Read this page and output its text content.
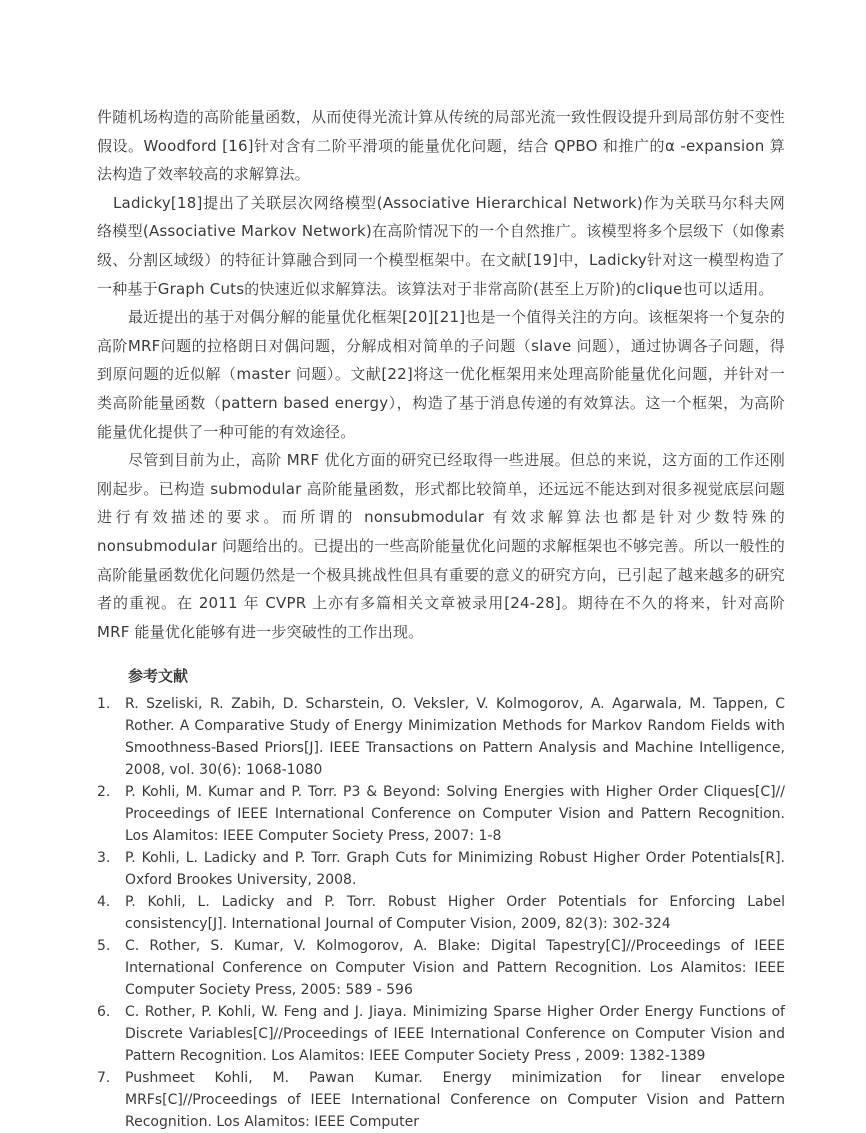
件随机场构造的高阶能量函数，从而使得光流计算从传统的局部光流一致性假设提升到局部仿射不变性假设。Woodford [16]针对含有二阶平滑项的能量优化问题，结合 QPBO 和推广的α -expansion 算法构造了效率较高的求解算法。

Ladicky[18]提出了关联层次网络模型(Associative Hierarchical Network)作为关联马尔科夫网络模型(Associative Markov Network)在高阶情况下的一个自然推广。该模型将多个层级下（如像素级、分割区域级）的特征计算融合到同一个模型框架中。在文献[19]中，Ladicky针对这一模型构造了一种基于Graph Cuts的快速近似求解算法。该算法对于非常高阶(甚至上万阶)的clique也可以适用。

最近提出的基于对偶分解的能量优化框架[20][21]也是一个值得关注的方向。该框架将一个复杂的高阶MRF问题的拉格朗日对偶问题，分解成相对简单的子问题（slave 问题），通过协调各子问题，得到原问题的近似解（master 问题）。文献[22]将这一优化框架用来处理高阶能量优化问题，并针对一类高阶能量函数（pattern based energy），构造了基于消息传递的有效算法。这一个框架，为高阶能量优化提供了一种可能的有效途径。

尽管到目前为止，高阶 MRF 优化方面的研究已经取得一些进展。但总的来说，这方面的工作还刚刚起步。已构造 submodular 高阶能量函数，形式都比较简单，还远远不能达到对很多视觉底层问题进行有效描述的要求。而所谓的 nonsubmodular 有效求解算法也都是针对少数特殊的 nonsubmodular 问题给出的。已提出的一些高阶能量优化问题的求解框架也不够完善。所以一般性的高阶能量函数优化问题仍然是一个极具挑战性但具有重要的意义的研究方向，已引起了越来越多的研究者的重视。在 2011 年 CVPR 上亦有多篇相关文章被录用[24-28]。期待在不久的将来，针对高阶 MRF 能量优化能够有进一步突破性的工作出现。

参考文献
1.	R. Szeliski, R. Zabih, D. Scharstein, O. Veksler, V. Kolmogorov, A. Agarwala, M. Tappen, C Rother. A Comparative Study of Energy Minimization Methods for Markov Random Fields with Smoothness-Based Priors[J]. IEEE Transactions on Pattern Analysis and Machine Intelligence, 2008, vol. 30(6): 1068-1080
2.	P. Kohli, M. Kumar and P. Torr. P3 & Beyond: Solving Energies with Higher Order Cliques[C]// Proceedings of IEEE International Conference on Computer Vision and Pattern Recognition. Los Alamitos: IEEE Computer Society Press, 2007: 1-8
3.	P. Kohli, L. Ladicky and P. Torr. Graph Cuts for Minimizing Robust Higher Order Potentials[R]. Oxford Brookes University, 2008.
4.	P. Kohli, L. Ladicky and P. Torr. Robust Higher Order Potentials for Enforcing Label consistency[J]. International Journal of Computer Vision, 2009, 82(3): 302-324
5.	C. Rother, S. Kumar, V. Kolmogorov, A. Blake: Digital Tapestry[C]//Proceedings of IEEE International Conference on Computer Vision and Pattern Recognition. Los Alamitos: IEEE Computer Society Press, 2005: 589 - 596
6.	C. Rother, P. Kohli, W. Feng and J. Jiaya. Minimizing Sparse Higher Order Energy Functions of Discrete Variables[C]//Proceedings of IEEE International Conference on Computer Vision and Pattern Recognition. Los Alamitos: IEEE Computer Society Press , 2009: 1382-1389
7.	Pushmeet Kohli, M. Pawan Kumar. Energy minimization for linear envelope MRFs[C]//Proceedings of IEEE International Conference on Computer Vision and Pattern Recognition. Los Alamitos: IEEE Computer
